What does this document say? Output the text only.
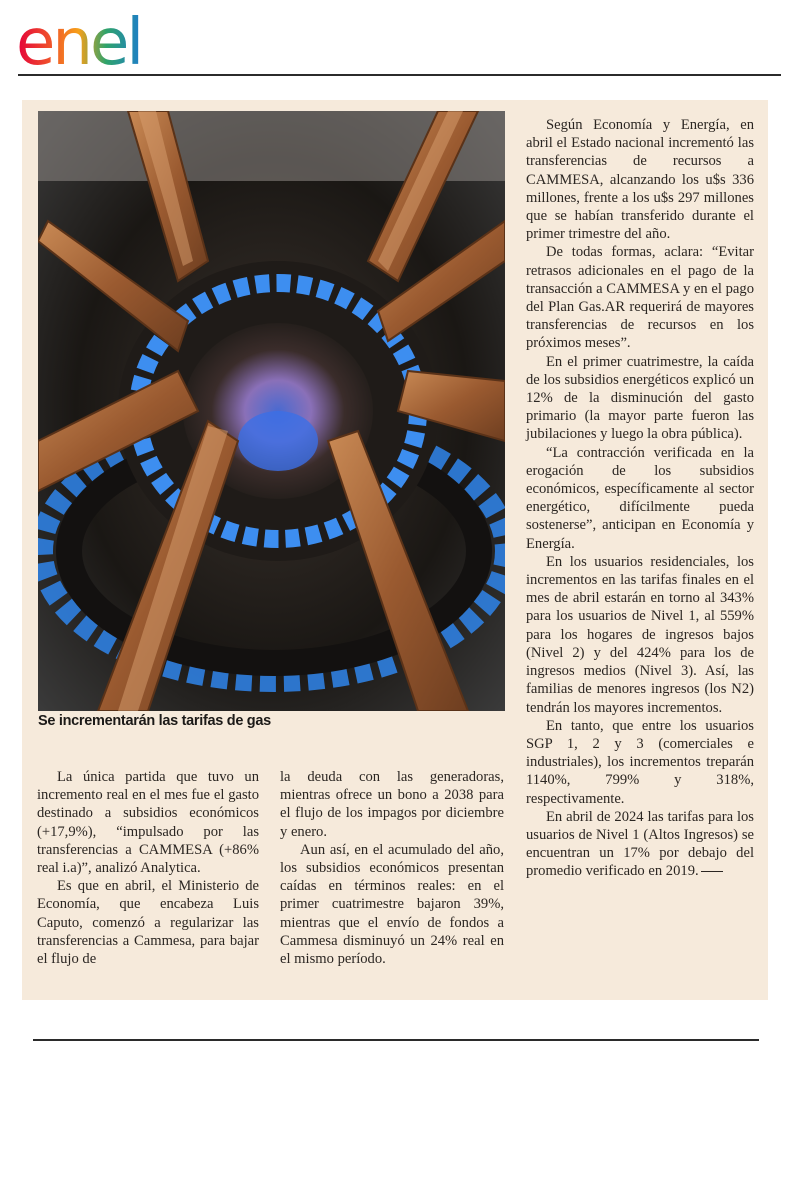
enel
Se incrementarán las tarifas de gas

La única partida que tuvo un incremento real en el mes fue el gasto destinado a subsidios económicos (+17,9%), “impulsado por las transferencias a CAMMESA (+86% real i.a)”, analizó Analytica.

Es que en abril, el Ministerio de Economía, que encabeza Luis Caputo, comenzó a regularizar las transferencias a Cammesa, para bajar el flujo de

la deuda con las generadoras, mientras ofrece un bono a 2038 para el flujo de los impagos por diciembre y enero.

Aun así, en el acumulado del año, los subsidios económicos presentan caídas en términos reales: en el primer cuatrimestre bajaron 39%, mientras que el envío de fondos a Cammesa disminuyó un 24% real en el mismo período.

Según Economía y Energía, en abril el Estado nacional incrementó las transferencias de recursos a CAMMESA, alcanzando los u$s 336 millones, frente a los u$s 297 millones que se habían transferido durante el primer trimestre del año.

De todas formas, aclara: “Evitar retrasos adicionales en el pago de la transacción a CAMMESA y en el pago del Plan Gas.AR requerirá de mayores transferencias de recursos en los próximos meses”.

En el primer cuatrimestre, la caída de los subsidios energéticos explicó un 12% de la disminución del gasto primario (la mayor parte fueron las jubilaciones y luego la obra pública).

“La contracción verificada en la erogación de los subsidios económicos, específicamente al sector energético, difícilmente pueda sostenerse”, anticipan en Economía y Energía.

En los usuarios residenciales, los incrementos en las tarifas finales en el mes de abril estarán en torno al 343% para los usuarios de Nivel 1, al 559% para los hogares de ingresos bajos (Nivel 2) y del 424% para los de ingresos medios (Nivel 3). Así, las familias de menores ingresos (los N2) tendrán los mayores incrementos.

En tanto, que entre los usuarios SGP 1, 2 y 3 (comerciales e industriales), los incrementos treparán 1140%, 799% y 318%, respectivamente.

En abril de 2024 las tarifas para los usuarios de Nivel 1 (Altos Ingresos) se encuentran un 17% por debajo del promedio verificado en 2019.
